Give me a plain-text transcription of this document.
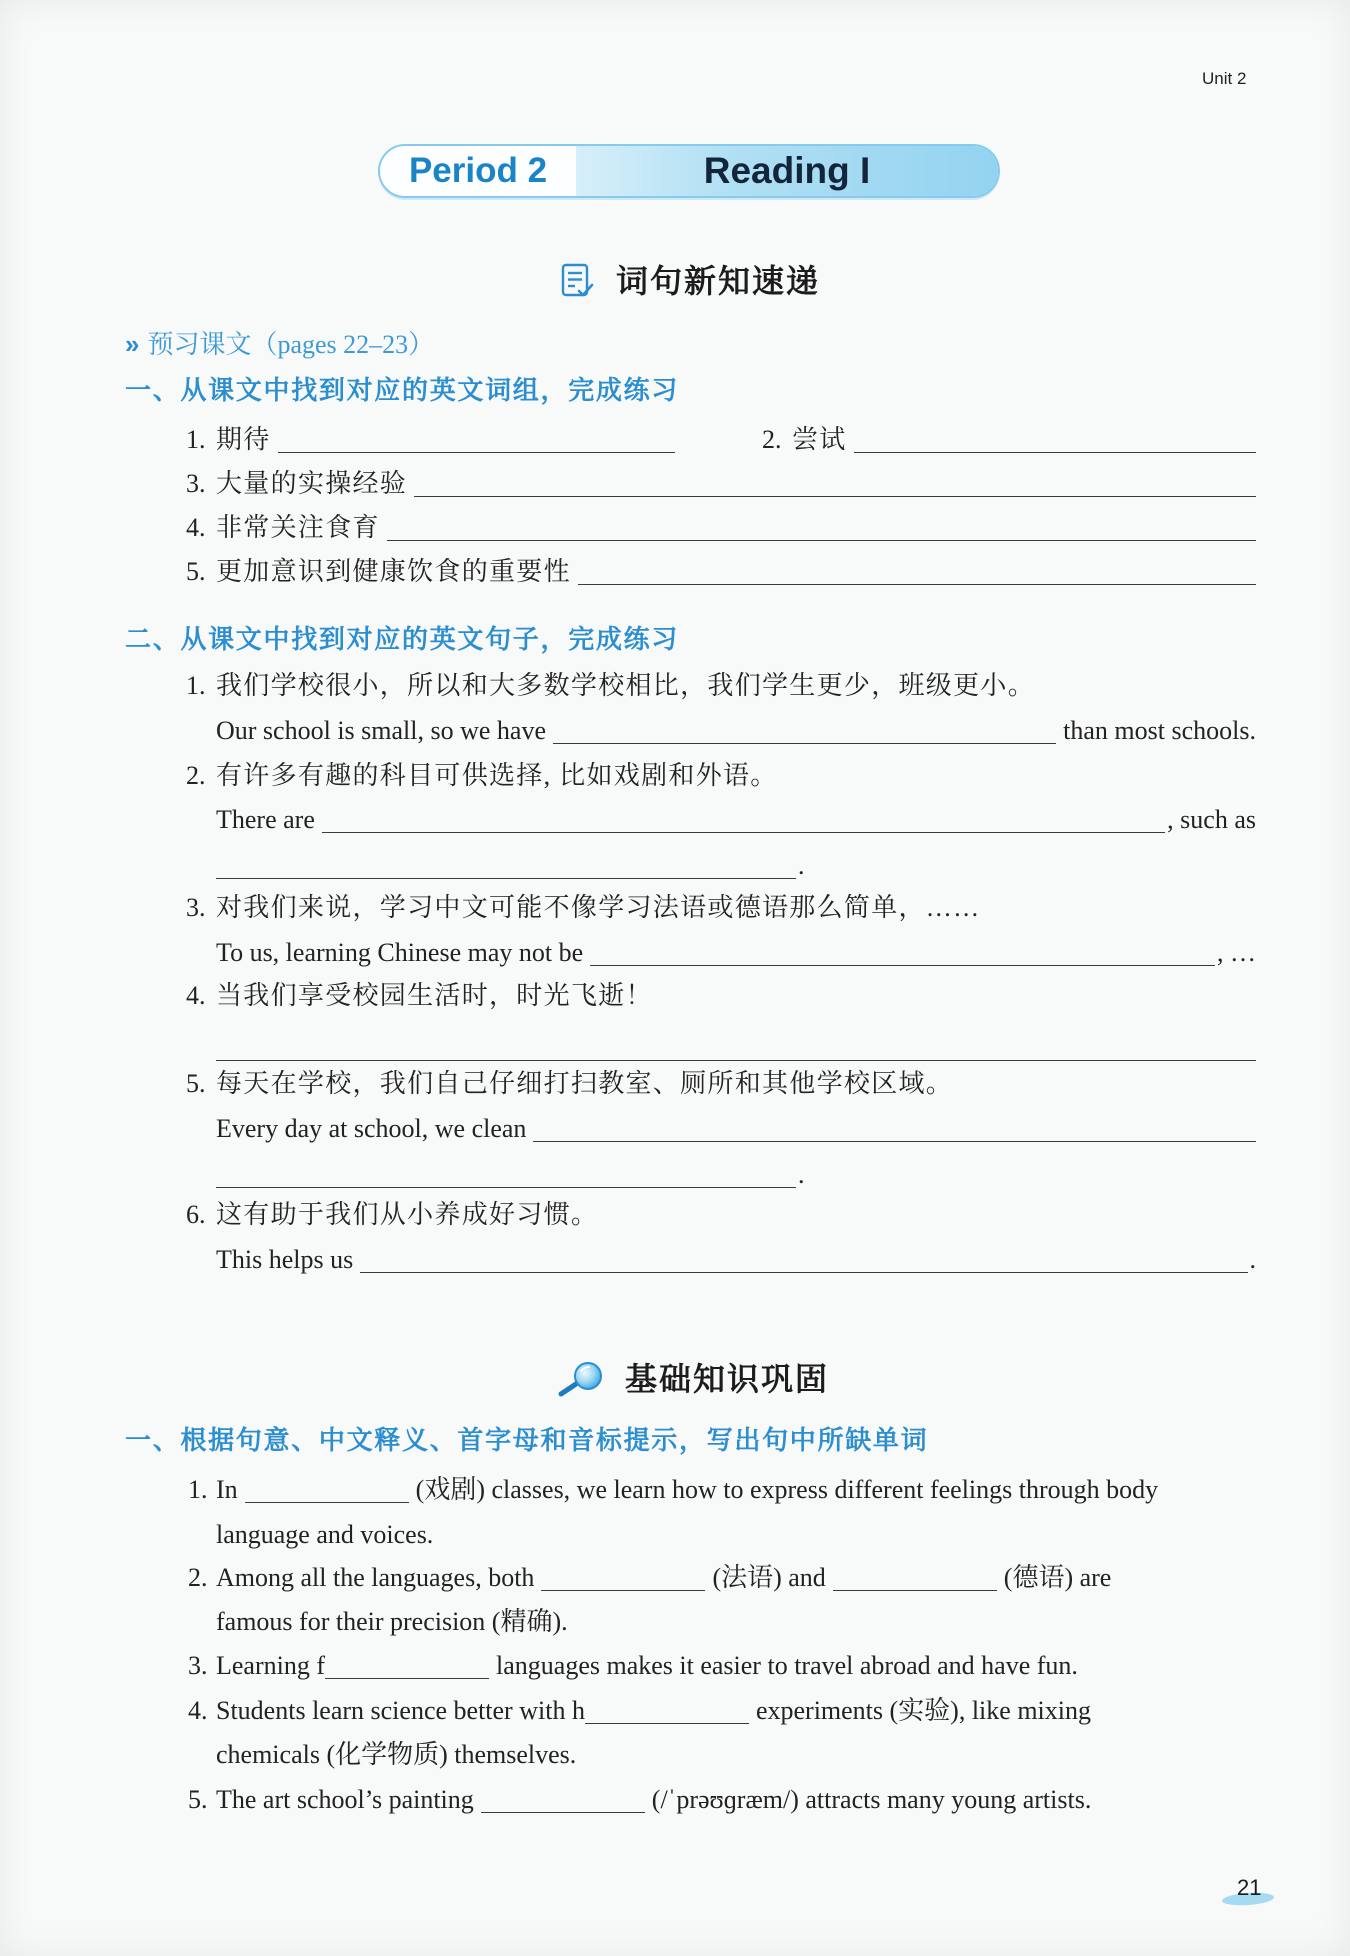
Unit 2
Period 2	Reading I
词句新知速递
» 预习课文（pages 22–23）
一、从课文中找到对应的英文词组，完成练习
1. 期待	2. 尝试
3. 大量的实操经验
4. 非常关注食育
5. 更加意识到健康饮食的重要性
二、从课文中找到对应的英文句子，完成练习
1. 我们学校很小，所以和大多数学校相比，我们学生更少，班级更小。
Our school is small, so we have	than most schools.
2. 有许多有趣的科目可供选择, 比如戏剧和外语。
There are	, such as
.
3. 对我们来说，学习中文可能不像学习法语或德语那么简单，……
To us, learning Chinese may not be	, …
4. 当我们享受校园生活时，时光飞逝！
5. 每天在学校，我们自己仔细打扫教室、厕所和其他学校区域。
Every day at school, we clean
.
6. 这有助于我们从小养成好习惯。
This helps us	.
基础知识巩固
一、根据句意、中文释义、首字母和音标提示，写出句中所缺单词
1. In	(戏剧) classes, we learn how to express different feelings through body
language and voices.
2. Among all the languages, both	(法语) and	(德语) are
famous for their precision (精确).
3. Learning f	languages makes it easier to travel abroad and have fun.
4. Students learn science better with h	experiments (实验), like mixing
chemicals (化学物质) themselves.
5. The art school’s painting	(/ˈprəʊɡræm/) attracts many young artists.
21
